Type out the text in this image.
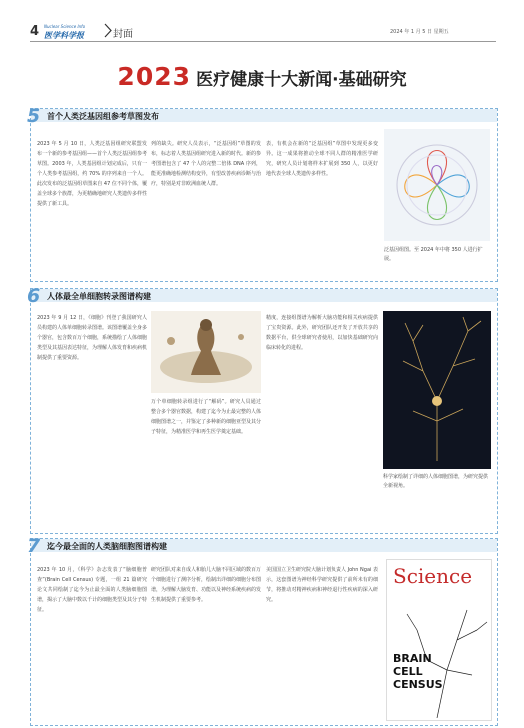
4 Nuclear Science Info
医学科学报	封面	2024 年 1 月 5 日 星期五
2023 医疗健康十大新闻·基础研究
5 首个人类泛基因组参考草图发布
2023 年 5 月 10 日，人类泛基因组研究联盟发布一个新的参考基因组——首个人类泛基因组参考草图。2003 年，人类基因组计划完成后，只有一个人类参考基因组，约 70% 的序列来自一个人。此次发布的泛基因组草图来自 47 位不同个体，覆盖全球多个族群，为更精确地研究人类遗传多样性提供了新工具。
列的缺失。研究人员表示，“泛基因组”草图的发布，标志着人类基因组研究进入新的时代。新的参考图谱包含了 47 个人的完整二倍体 DNA 序列，能更准确地检测结构变异，有望改善疾病诊断与治疗，特别是对非欧洲血统人群。
表，有机会在新的“泛基因组”草图中发现更多变异。这一成果将推动全球不同人群的精准医学研究，研究人员计划将样本扩展到 350 人，以更好地代表全球人类遗传多样性。
泛基因组图。至 2024 年中将 350 人进行扩展。
6 人体最全单细胞转录图谱构建
2023 年 9 月 12 日，《细胞》刊登了我国研究人员构建的人体单细胞转录图谱。该图谱覆盖全身多个器官，包含数百万个细胞，系统描绘了人体细胞类型及其基因表达特征，为理解人体发育和疾病机制提供了重要资源。
万个单细胞转录组进行了“解码”。研究人员通过整合多个器官数据，构建了迄今为止最完整的人体细胞图谱之一，并鉴定了多种新的细胞亚型及其分子特征，为精准医学和再生医学奠定基础。
精度，连接组图谱为解析大脑功能和相关疾病提供了宝贵资源。此外，研究团队还开发了开放共享的数据平台，供全球研究者使用，以加快基础研究向临床转化的进程。
科学家绘制了详细的人体细胞图谱，为研究提供全新视角。
7 迄今最全面的人类脑细胞图谱构建
2023 年 10 月，《科学》杂志发表了“脑细胞普查”(Brain Cell Census) 专题，一组 21 篇研究论文共同绘制了迄今为止最全面的人类脑细胞图谱，揭示了大脑中数以千计的细胞类型及其分子特征。
研究团队对来自成人和胎儿大脑不同区域的数百万个细胞进行了测序分析，绘制出详细的细胞分布图谱，为理解大脑发育、功能以及神经系统疾病的发生机制提供了重要参考。
美国国立卫生研究院大脑计划负责人 John Ngai 表示，这套图谱为神经科学研究提供了前所未有的细节，将推动对精神疾病和神经退行性疾病的深入研究。
Science
BRAIN CELL CENSUS
